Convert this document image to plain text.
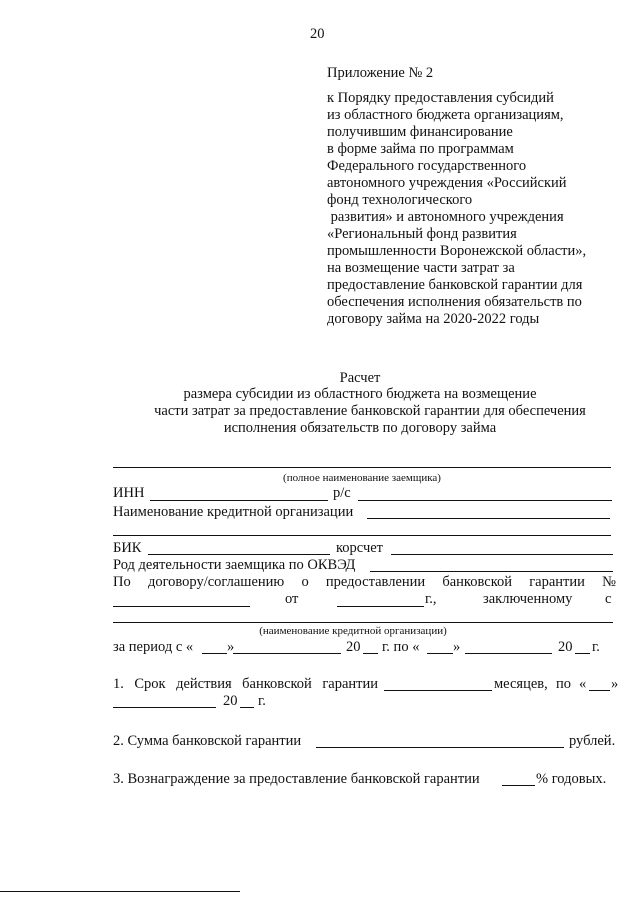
20
Приложение № 2
к Порядку предоставления субсидий
из областного бюджета организациям,
получившим финансирование
в форме займа по программам
Федерального государственного
автономного учреждения «Российский
фонд технологического
развития» и автономного учреждения
«Региональный фонд развития
промышленности Воронежской области»,
на возмещение части затрат за
предоставление банковской гарантии для
обеспечения исполнения обязательств по
договору займа на 2020-2022 годы
Расчет
размера субсидии из областного бюджета на возмещение
части затрат за предоставление банковской гарантии для обеспечения
исполнения обязательств по договору займа
(полное наименование заемщика)
ИНН	р/с
Наименование кредитной организации
БИК	корсчет
Род деятельности заемщика по ОКВЭД
По договору/соглашению о предоставлении банковской гарантии №
от	г.,	заключенному с
(наименование кредитной организации)
за период с « »	20 г. по « »	20 г.
1. Срок действия банковской гарантии	месяцев, по « »
20 г.
2. Сумма банковской гарантии	рублей.
3. Вознаграждение за предоставление банковской гарантии	% годовых.
